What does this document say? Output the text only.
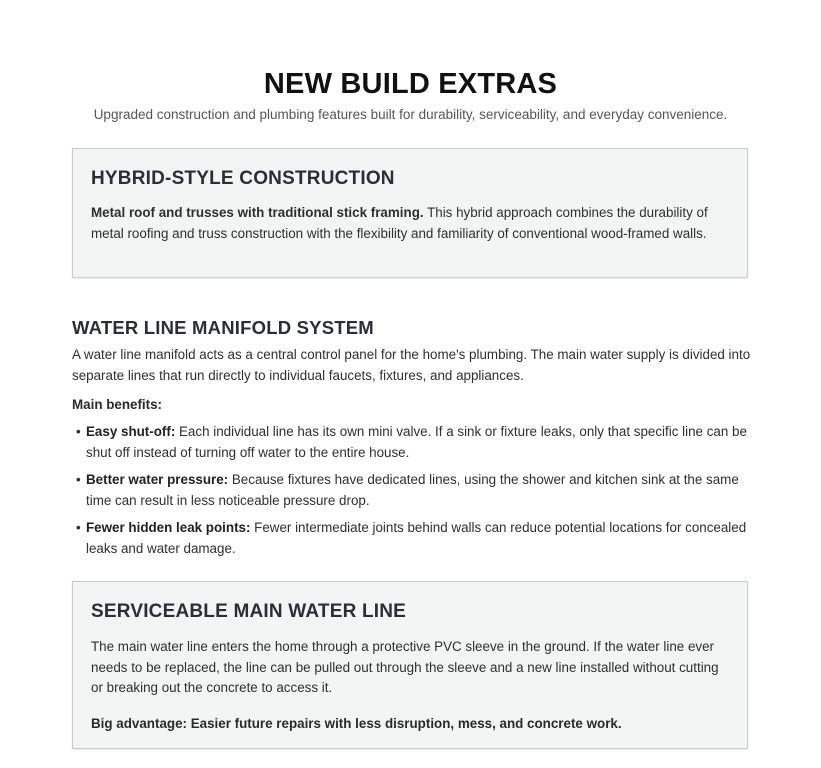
NEW BUILD EXTRAS
Upgraded construction and plumbing features built for durability, serviceability, and everyday convenience.
HYBRID-STYLE CONSTRUCTION
Metal roof and trusses with traditional stick framing. This hybrid approach combines the durability of metal roofing and truss construction with the flexibility and familiarity of conventional wood-framed walls.
WATER LINE MANIFOLD SYSTEM
A water line manifold acts as a central control panel for the home's plumbing. The main water supply is divided into separate lines that run directly to individual faucets, fixtures, and appliances.
Main benefits:
• Easy shut-off: Each individual line has its own mini valve. If a sink or fixture leaks, only that specific line can be shut off instead of turning off water to the entire house.
• Better water pressure: Because fixtures have dedicated lines, using the shower and kitchen sink at the same time can result in less noticeable pressure drop.
• Fewer hidden leak points: Fewer intermediate joints behind walls can reduce potential locations for concealed leaks and water damage.
SERVICEABLE MAIN WATER LINE
The main water line enters the home through a protective PVC sleeve in the ground. If the water line ever needs to be replaced, the line can be pulled out through the sleeve and a new line installed without cutting or breaking out the concrete to access it.
Big advantage: Easier future repairs with less disruption, mess, and concrete work.
